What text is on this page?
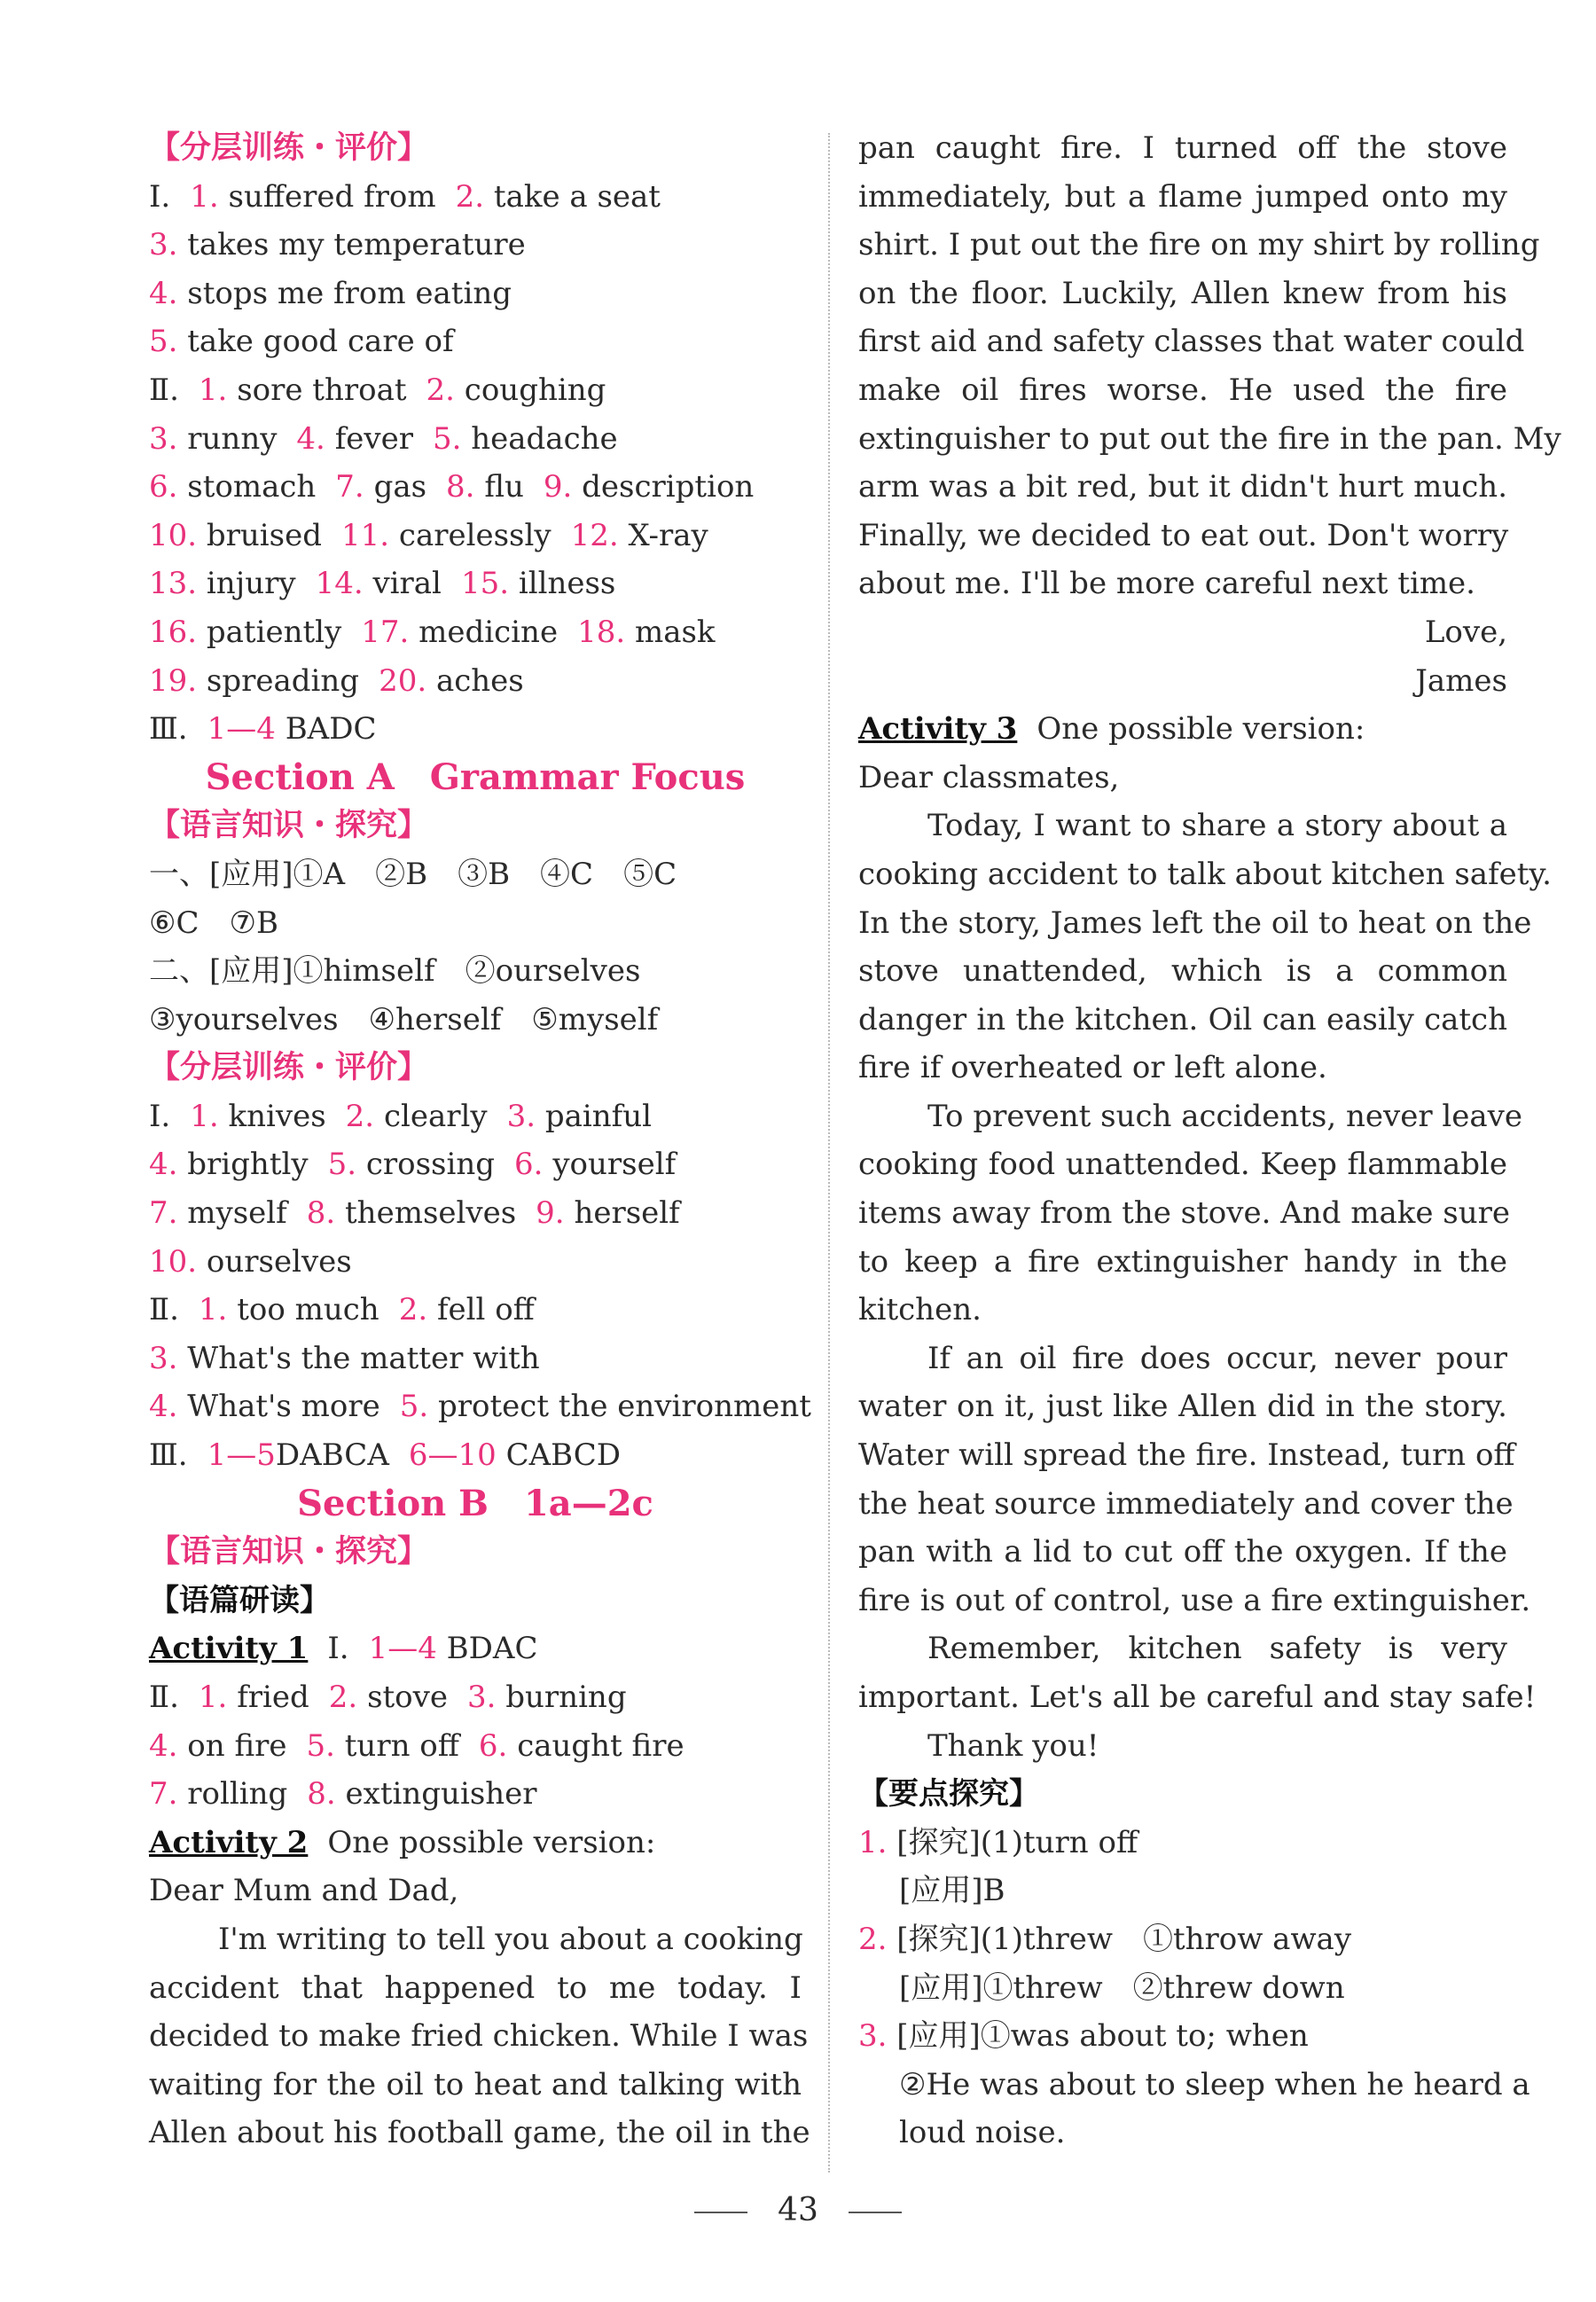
【分层训练・评价】
Ⅰ. 1. suffered from 2. take a seat
3. takes my temperature
4. stops me from eating
5. take good care of
Ⅱ. 1. sore throat 2. coughing
3. runny 4. fever 5. headache
6. stomach 7. gas 8. flu 9. description
10. bruised 11. carelessly 12. X-ray
13. injury 14. viral 15. illness
16. patiently 17. medicine 18. mask
19. spreading 20. aches
Ⅲ. 1—4 BADC
Section A　Grammar Focus
【语言知识・探究】
一、[应用]①A　②B　③B　④C　⑤C
⑥C　⑦B
二、[应用]①himself　②ourselves
③yourselves　④herself　⑤myself
【分层训练・评价】
Ⅰ. 1. knives 2. clearly 3. painful
4. brightly 5. crossing 6. yourself
7. myself 8. themselves 9. herself
10. ourselves
Ⅱ. 1. too much 2. fell off
3. What's the matter with
4. What's more 5. protect the environment
Ⅲ. 1—5DABCA 6—10 CABCD
Section B　1a—2c
【语言知识・探究】
【语篇研读】
Activity 1 Ⅰ. 1—4 BDAC
Ⅱ. 1. fried 2. stove 3. burning
4. on fire 5. turn off 6. caught fire
7. rolling 8. extinguisher
Activity 2 One possible version:
Dear Mum and Dad,
I'm writing to tell you about a cooking
accident that happened to me today. I
decided to make fried chicken. While I was
waiting for the oil to heat and talking with
Allen about his football game, the oil in the
pan caught fire. I turned off the stove
immediately, but a flame jumped onto my
shirt. I put out the fire on my shirt by rolling
on the floor. Luckily, Allen knew from his
first aid and safety classes that water could
make oil fires worse. He used the fire
extinguisher to put out the fire in the pan. My
arm was a bit red, but it didn't hurt much.
Finally, we decided to eat out. Don't worry
about me. I'll be more careful next time.
Love,
James
Activity 3 One possible version:
Dear classmates,
Today, I want to share a story about a
cooking accident to talk about kitchen safety.
In the story, James left the oil to heat on the
stove unattended, which is a common
danger in the kitchen. Oil can easily catch
fire if overheated or left alone.
To prevent such accidents, never leave
cooking food unattended. Keep flammable
items away from the stove. And make sure
to keep a fire extinguisher handy in the
kitchen.
If an oil fire does occur, never pour
water on it, just like Allen did in the story.
Water will spread the fire. Instead, turn off
the heat source immediately and cover the
pan with a lid to cut off the oxygen. If the
fire is out of control, use a fire extinguisher.
Remember, kitchen safety is very
important. Let's all be careful and stay safe!
Thank you!
【要点探究】
1. [探究](1)turn off
[应用]B
2. [探究](1)threw　①throw away
[应用]①threw　②threw down
3. [应用]①was about to; when
②He was about to sleep when he heard a
loud noise.
43
